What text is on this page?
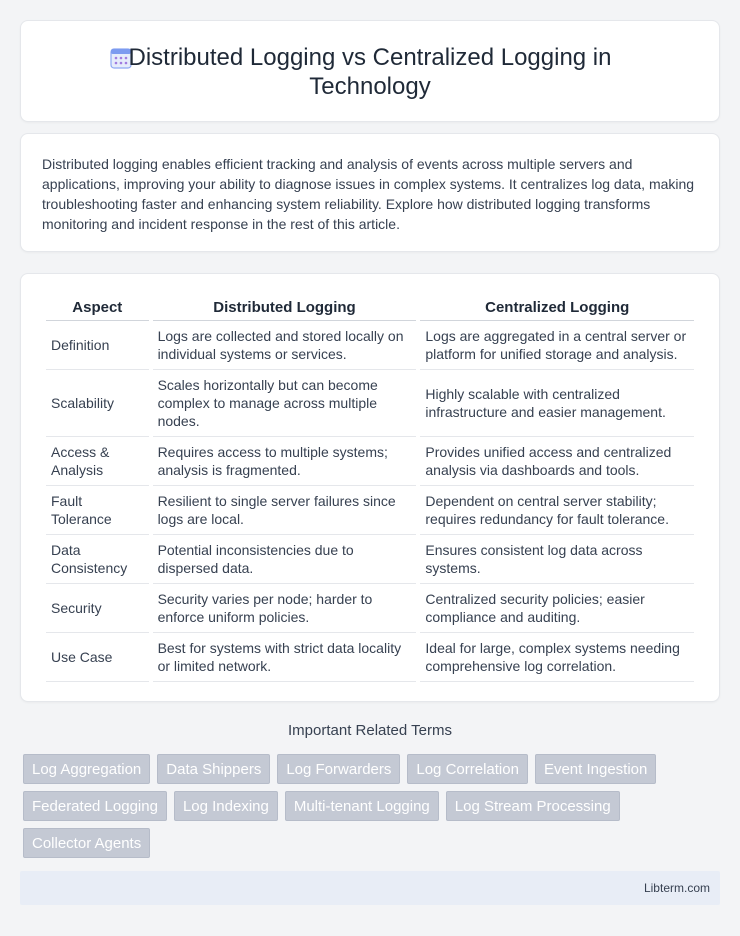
Distributed Logging vs Centralized Logging in
Technology

Distributed logging enables efficient tracking and analysis of events across multiple servers and applications, improving your ability to diagnose issues in complex systems. It centralizes log data, making troubleshooting faster and enhancing system reliability. Explore how distributed logging transforms monitoring and incident response in the rest of this article.

Aspect	Distributed Logging	Centralized Logging
Definition	Logs are collected and stored locally on individual systems or services.	Logs are aggregated in a central server or platform for unified storage and analysis.
Scalability	Scales horizontally but can become complex to manage across multiple nodes.	Highly scalable with centralized infrastructure and easier management.
Access & Analysis	Requires access to multiple systems; analysis is fragmented.	Provides unified access and centralized analysis via dashboards and tools.
Fault Tolerance	Resilient to single server failures since logs are local.	Dependent on central server stability; requires redundancy for fault tolerance.
Data Consistency	Potential inconsistencies due to dispersed data.	Ensures consistent log data across systems.
Security	Security varies per node; harder to enforce uniform policies.	Centralized security policies; easier compliance and auditing.
Use Case	Best for systems with strict data locality or limited network.	Ideal for large, complex systems needing comprehensive log correlation.
Important Related Terms
Log Aggregation	Data Shippers	Log Forwarders	Log Correlation	Event Ingestion
Federated Logging	Log Indexing	Multi-tenant Logging	Log Stream Processing
Collector Agents
Libterm.com
